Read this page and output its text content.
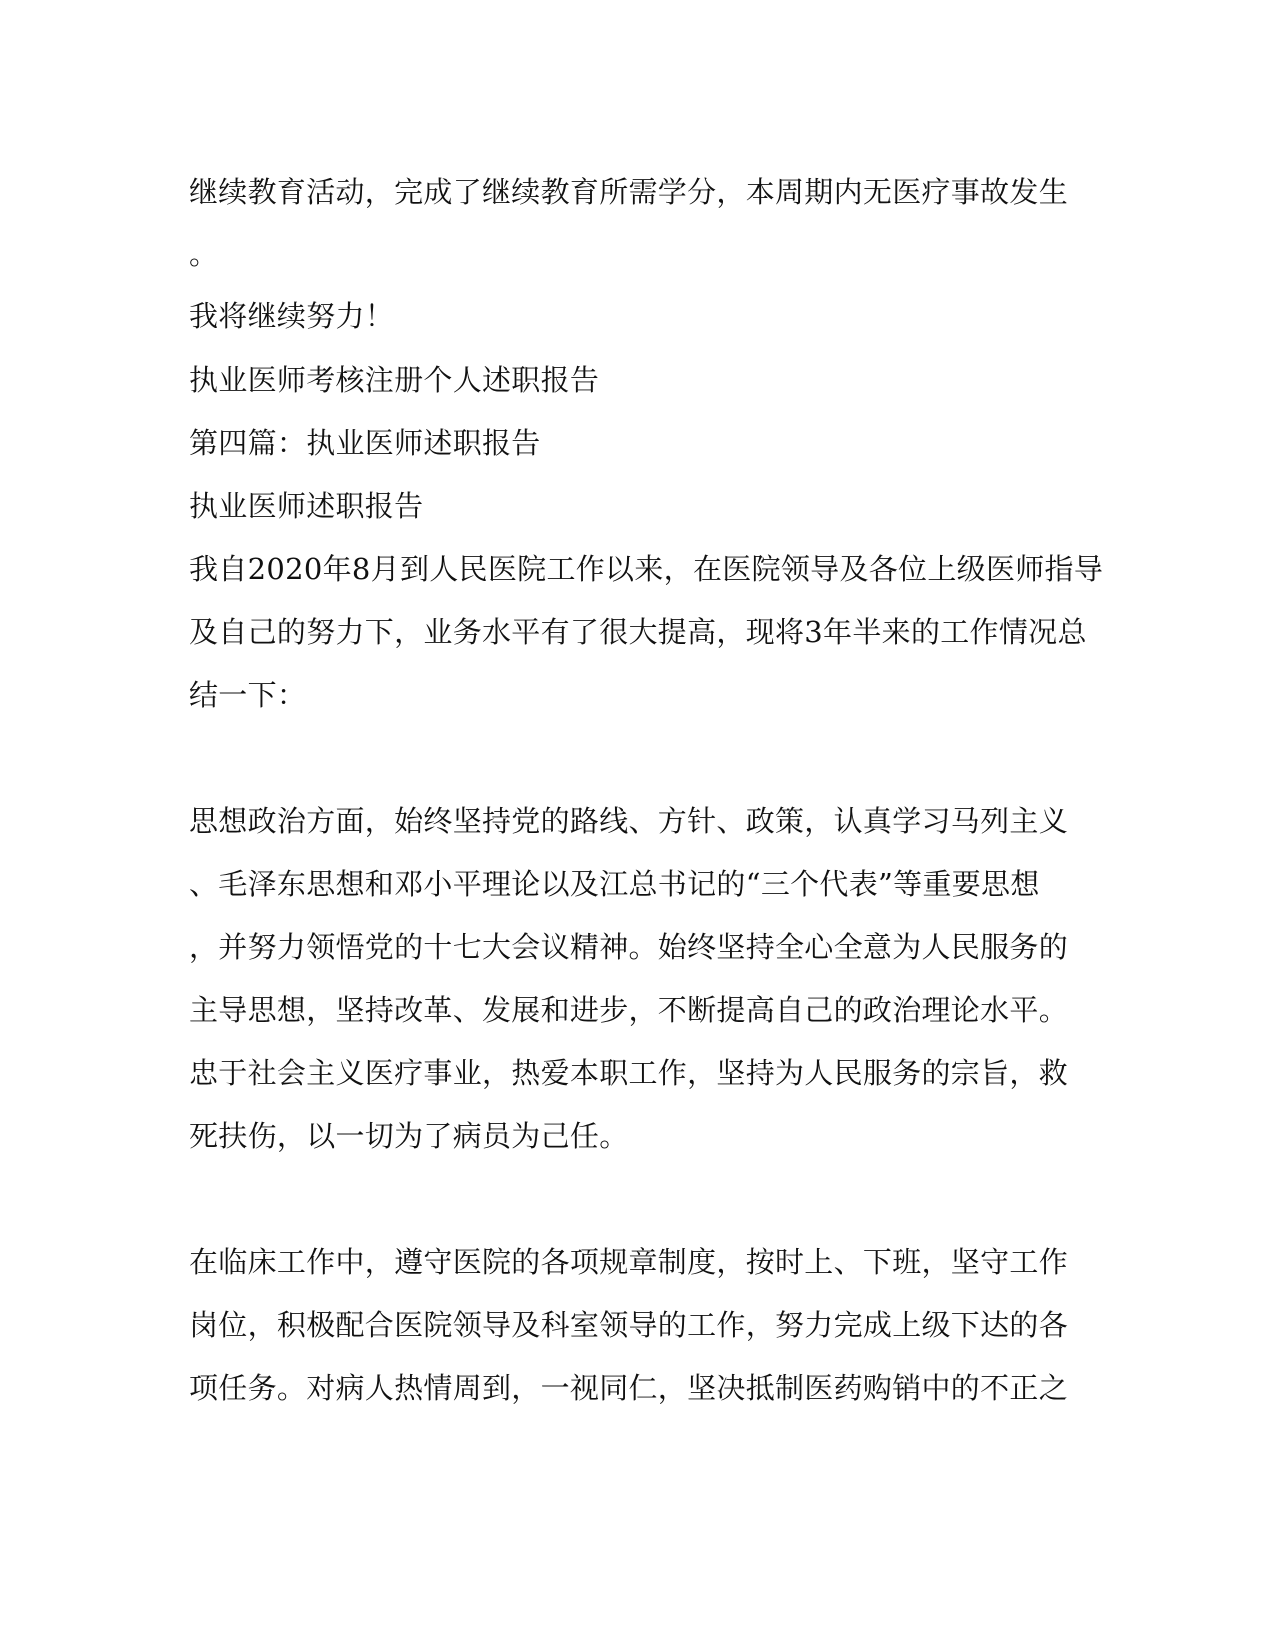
继续教育活动，完成了继续教育所需学分，本周期内无医疗事故发生
。
我将继续努力！
执业医师考核注册个人述职报告
第四篇：执业医师述职报告
执业医师述职报告
我自2020年8月到人民医院工作以来，在医院领导及各位上级医师指导
及自己的努力下，业务水平有了很大提高，现将3年半来的工作情况总
结一下：
思想政治方面，始终坚持党的路线、方针、政策，认真学习马列主义
、毛泽东思想和邓小平理论以及江总书记的“三个代表”等重要思想
，并努力领悟党的十七大会议精神。始终坚持全心全意为人民服务的
主导思想，坚持改革、发展和进步，不断提高自己的政治理论水平。
忠于社会主义医疗事业，热爱本职工作，坚持为人民服务的宗旨，救
死扶伤，以一切为了病员为己任。
在临床工作中，遵守医院的各项规章制度，按时上、下班，坚守工作
岗位，积极配合医院领导及科室领导的工作，努力完成上级下达的各
项任务。对病人热情周到，一视同仁，坚决抵制医药购销中的不正之
